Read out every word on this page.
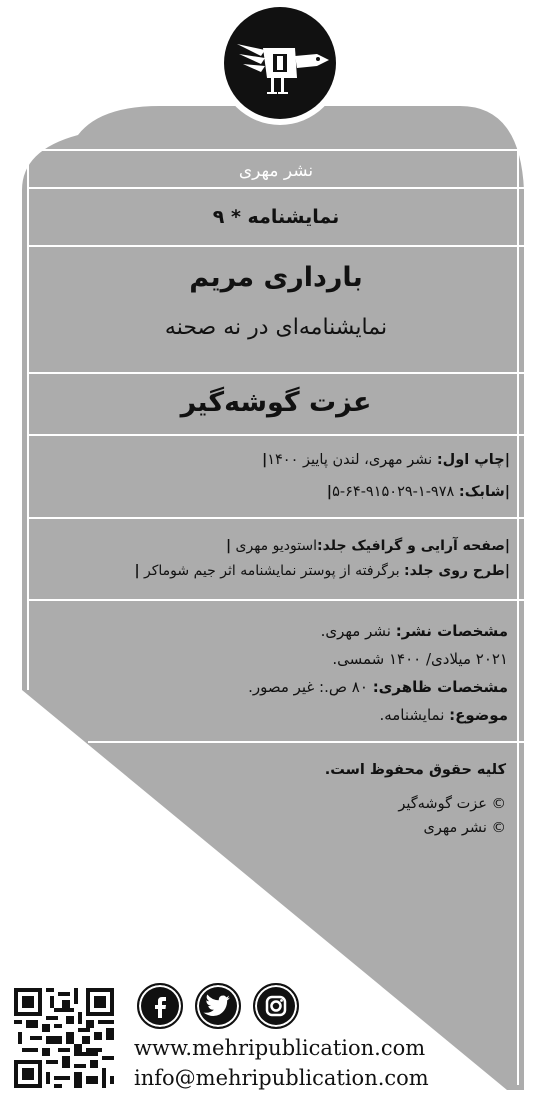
نشر مهری
نمایشنامه * ۹
بارداری مریم
نمایشنامه‌ای در نه صحنه
عزت گوشه‌گیر
|چاپ اول: نشر مهری، لندن پاییز ۱۴۰۰|
|شابک: ۹۷۸-۱-۹۱۵۰۲۹-۶۴-۵|
|صفحه آرایی و گرافیک جلد:استودیو مهری |
|طرح روی جلد: برگرفته از پوستر نمایشنامه اثر جیم شوماکر |
مشخصات نشر: نشر مهری.
۲۰۲۱ میلادی/ ۱۴۰۰ شمسی.
مشخصات ظاهری: ۸۰ ص.: غیر مصور.
موضوع: نمایشنامه.
کلیه حقوق محفوظ است.
© عزت گوشه‌گیر
© نشر مهری
www.mehripublication.com
info@mehripublication.com
